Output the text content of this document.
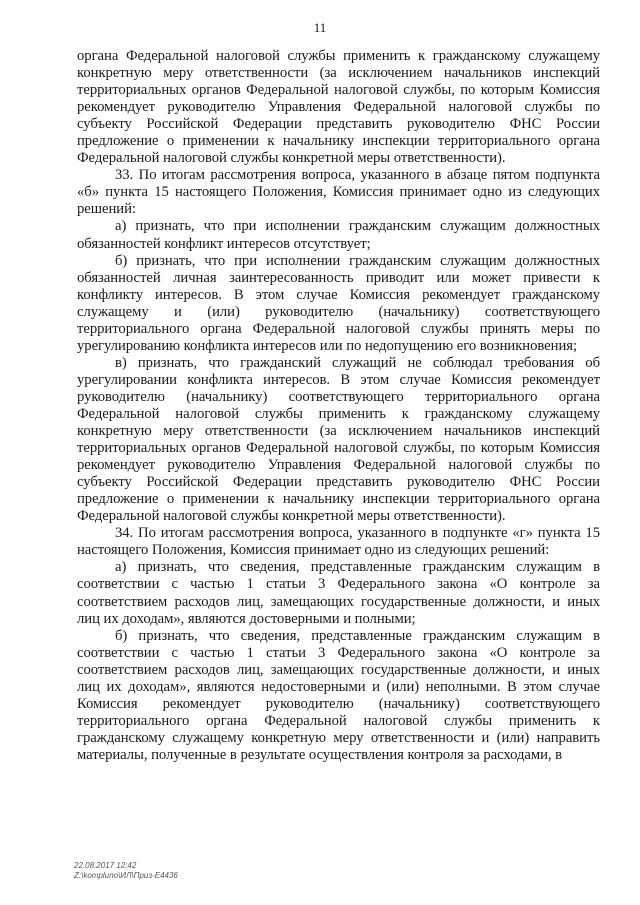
11

органа Федеральной налоговой службы применить к гражданскому служащему конкретную меру ответственности (за исключением начальников инспекций территориальных органов Федеральной налоговой службы, по которым Комиссия рекомендует руководителю Управления Федеральной налоговой службы по субъекту Российской Федерации представить руководителю ФНС России предложение о применении к начальнику инспекции территориального органа Федеральной налоговой службы конкретной меры ответственности).

33. По итогам рассмотрения вопроса, указанного в абзаце пятом подпункта «б» пункта 15 настоящего Положения, Комиссия принимает одно из следующих решений:

а) признать, что при исполнении гражданским служащим должностных обязанностей конфликт интересов отсутствует;

б) признать, что при исполнении гражданским служащим должностных обязанностей личная заинтересованность приводит или может привести к конфликту интересов. В этом случае Комиссия рекомендует гражданскому служащему и (или) руководителю (начальнику) соответствующего территориального органа Федеральной налоговой службы принять меры по урегулированию конфликта интересов или по недопущению его возникновения;

в) признать, что гражданский служащий не соблюдал требования об урегулировании конфликта интересов. В этом случае Комиссия рекомендует руководителю (начальнику) соответствующего территориального органа Федеральной налоговой службы применить к гражданскому служащему конкретную меру ответственности (за исключением начальников инспекций территориальных органов Федеральной налоговой службы, по которым Комиссия рекомендует руководителю Управления Федеральной налоговой службы по субъекту Российской Федерации представить руководителю ФНС России предложение о применении к начальнику инспекции территориального органа Федеральной налоговой службы конкретной меры ответственности).

34. По итогам рассмотрения вопроса, указанного в подпункте «г» пункта 15 настоящего Положения, Комиссия принимает одно из следующих решений:

а) признать, что сведения, представленные гражданским служащим в соответствии с частью 1 статьи 3 Федерального закона «О контроле за соответствием расходов лиц, замещающих государственные должности, и иных лиц их доходам», являются достоверными и полными;

б) признать, что сведения, представленные гражданским служащим в соответствии с частью 1 статьи 3 Федерального закона «О контроле за соответствием расходов лиц, замещающих государственные должности, и иных лиц их доходам», являются недостоверными и (или) неполными. В этом случае Комиссия рекомендует руководителю (начальнику) соответствующего территориального органа Федеральной налоговой службы применить к гражданскому служащему конкретную меру ответственности и (или) направить материалы, полученные в результате осуществления контроля за расходами, в

22.08.2017 12:42
Z:\kompluno\ИЛ\Приз-E4436
